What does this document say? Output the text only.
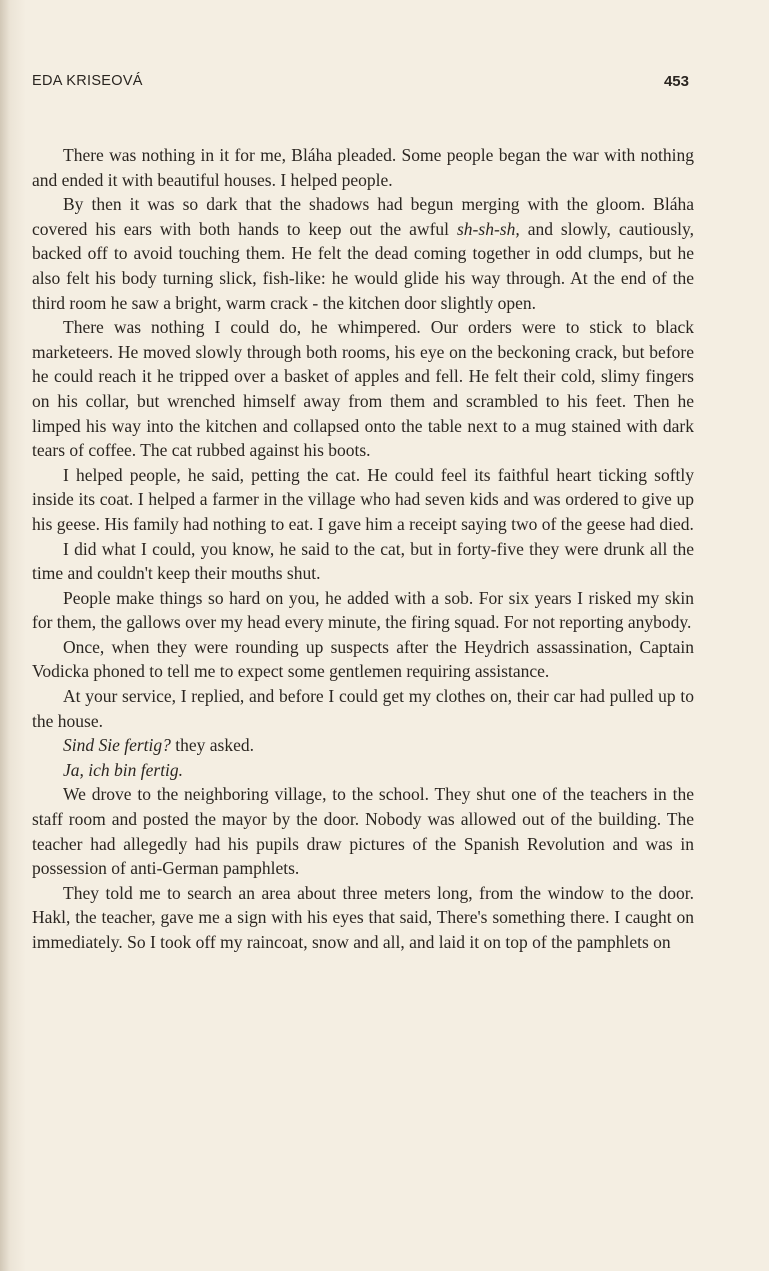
EDA KRISEOVÁ	453

There was nothing in it for me, Bláha pleaded. Some people began the war with nothing and ended it with beautiful houses. I helped people.

By then it was so dark that the shadows had begun merging with the gloom. Bláha covered his ears with both hands to keep out the awful sh-sh-sh, and slowly, cautiously, backed off to avoid touching them. He felt the dead coming together in odd clumps, but he also felt his body turning slick, fish-like: he would glide his way through. At the end of the third room he saw a bright, warm crack - the kitchen door slightly open.

There was nothing I could do, he whimpered. Our orders were to stick to black marketeers. He moved slowly through both rooms, his eye on the beckoning crack, but before he could reach it he tripped over a basket of apples and fell. He felt their cold, slimy fingers on his collar, but wrenched himself away from them and scrambled to his feet. Then he limped his way into the kitchen and collapsed onto the table next to a mug stained with dark tears of coffee. The cat rubbed against his boots.

I helped people, he said, petting the cat. He could feel its faithful heart ticking softly inside its coat. I helped a farmer in the village who had seven kids and was ordered to give up his geese. His family had nothing to eat. I gave him a receipt saying two of the geese had died.

I did what I could, you know, he said to the cat, but in forty-five they were drunk all the time and couldn't keep their mouths shut.

People make things so hard on you, he added with a sob. For six years I risked my skin for them, the gallows over my head every minute, the firing squad. For not reporting anybody.

Once, when they were rounding up suspects after the Heydrich assassination, Captain Vodicka phoned to tell me to expect some gentlemen requiring assistance.

At your service, I replied, and before I could get my clothes on, their car had pulled up to the house.

Sind Sie fertig? they asked.

Ja, ich bin fertig.

We drove to the neighboring village, to the school. They shut one of the teachers in the staff room and posted the mayor by the door. Nobody was allowed out of the building. The teacher had allegedly had his pupils draw pictures of the Spanish Revolution and was in possession of anti-German pamphlets.

They told me to search an area about three meters long, from the window to the door. Hakl, the teacher, gave me a sign with his eyes that said, There's something there. I caught on immediately. So I took off my raincoat, snow and all, and laid it on top of the pamphlets on
